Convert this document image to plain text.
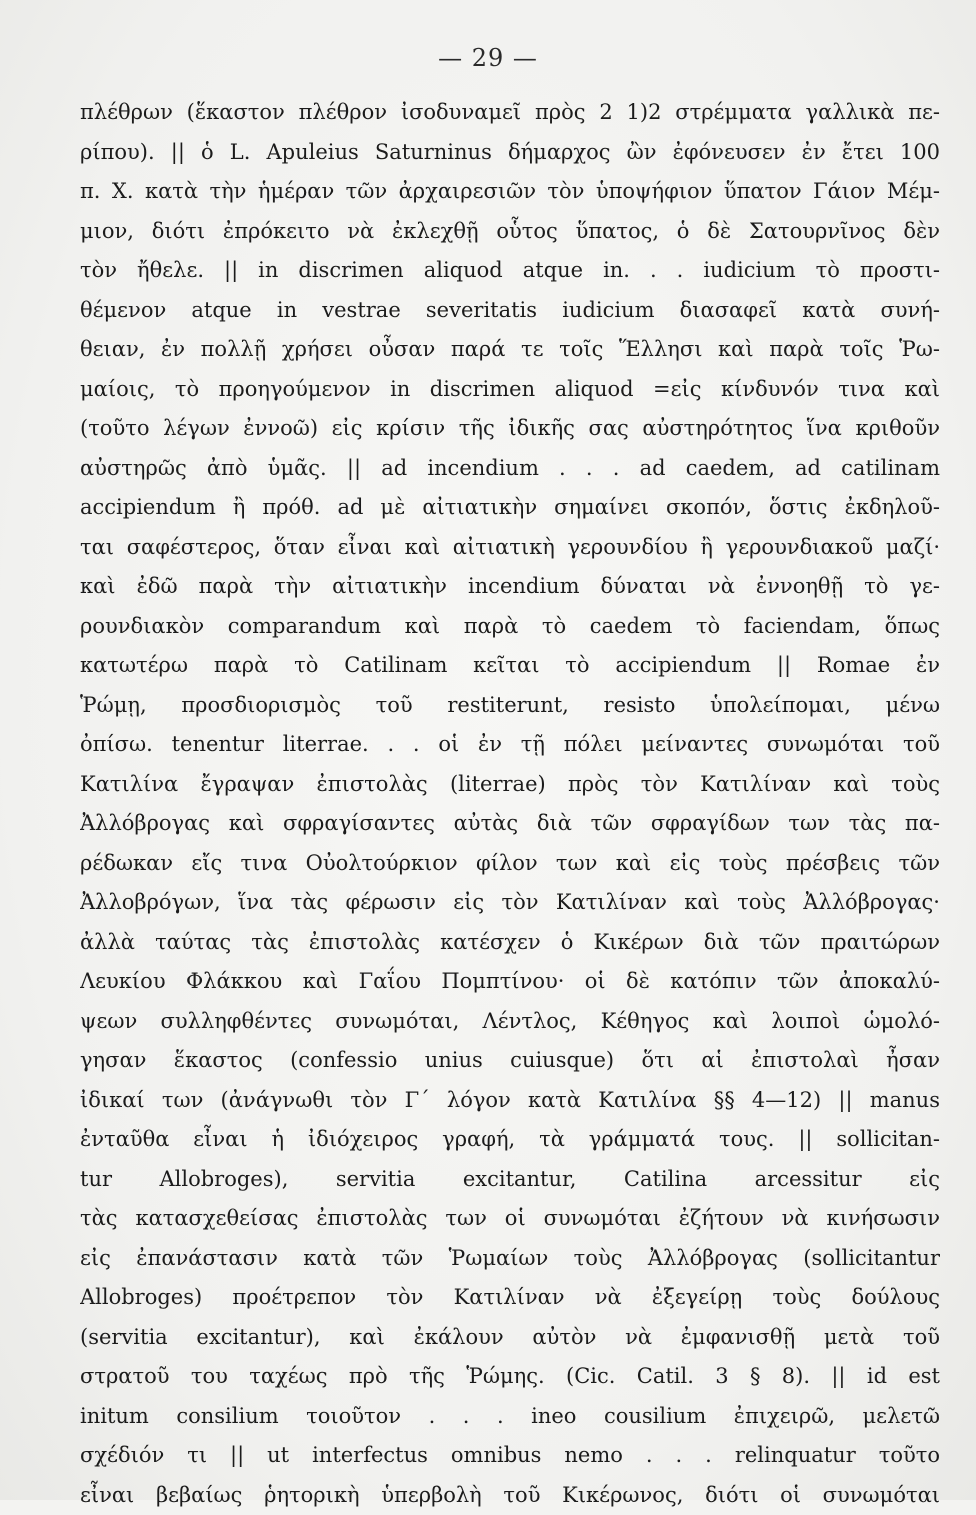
— 29 —
πλέθρων (ἕκαστον πλέθρον ἰσοδυναμεῖ πρὸς 2 1)2 στρέμματα γαλλικὰ πε-
ρίπου). || ὁ L. Apuleius Saturninus δήμαρχος ὢν ἐφόνευσεν ἐν ἔτει 100
π. Χ. κατὰ τὴν ἡμέραν τῶν ἀρχαιρεσιῶν τὸν ὑποψήφιον ὕπατον Γάιον Μέμ-
μιον, διότι ἐπρόκειτο νὰ ἐκλεχθῇ οὗτος ὕπατος, ὁ δὲ Σατουρνῖνος δὲν
τὸν ἤθελε. || in discrimen aliquod atque in. . . iudicium τὸ προστι-
θέμενον atque in vestrae severitatis iudicium διασαφεῖ κατὰ συνή-
θειαν, ἐν πολλῇ χρήσει οὖσαν παρά τε τοῖς Ἕλλησι καὶ παρὰ τοῖς Ῥω-
μαίοις, τὸ προηγούμενον in discrimen aliquod =εἰς κίνδυνόν τινα καὶ
(τοῦτο λέγων ἐννοῶ) εἰς κρίσιν τῆς ἰδικῆς σας αὐστηρότητος ἵνα κριθοῦν
αὐστηρῶς ἀπὸ ὑμᾶς. || ad incendium . . . ad caedem, ad catilinam
accipiendum ἢ πρόθ. ad μὲ αἰτιατικὴν σημαίνει σκοπόν, ὅστις ἐκδηλοῦ-
ται σαφέστερος, ὅταν εἶναι καὶ αἰτιατικὴ γερουνδίου ἢ γερουνδιακοῦ μαζί·
καὶ ἐδῶ παρὰ τὴν αἰτιατικὴν incendium δύναται νὰ ἐννοηθῇ τὸ γε-
ρουνδιακὸν comparandum καὶ παρὰ τὸ caedem τὸ faciendam, ὅπως
κατωτέρω παρὰ τὸ Catilinam κεῖται τὸ accipiendum || Romae ἐν
Ῥώμῃ, προσδιορισμὸς τοῦ restiterunt, resisto ὑπολείπομαι, μένω
ὀπίσω. tenentur literrae. . . οἱ ἐν τῇ πόλει μείναντες συνωμόται τοῦ
Κατιλίνα ἔγραψαν ἐπιστολὰς (literrae) πρὸς τὸν Κατιλίναν καὶ τοὺς
Ἀλλόβρογας καὶ σφραγίσαντες αὐτὰς διὰ τῶν σφραγίδων των τὰς πα-
ρέδωκαν εἴς τινα Οὐολτούρκιον φίλον των καὶ εἰς τοὺς πρέσβεις τῶν
Ἀλλοβρόγων, ἵνα τὰς φέρωσιν εἰς τὸν Κατιλίναν καὶ τοὺς Ἀλλόβρογας·
ἀλλὰ ταύτας τὰς ἐπιστολὰς κατέσχεν ὁ Κικέρων διὰ τῶν πραιτώρων
Λευκίου Φλάκκου καὶ Γαΐου Πομπτίνου· οἱ δὲ κατόπιν τῶν ἀποκαλύ-
ψεων συλληφθέντες συνωμόται, Λέντλος, Κέθηγος καὶ λοιποὶ ὡμολό-
γησαν ἕκαστος (confessio unius cuiusque) ὅτι αἱ ἐπιστολαὶ ἦσαν
ἰδικαί των (ἀνάγνωθι τὸν Γ΄ λόγον κατὰ Κατιλίνα §§ 4—12) || manus
ἐνταῦθα εἶναι ἡ ἰδιόχειρος γραφή, τὰ γράμματά τους. || sollicitan-
tur Allobroges), servitia excitantur, Catilina arcessitur εἰς
τὰς κατασχεθείσας ἐπιστολὰς των οἱ συνωμόται ἐζήτουν νὰ κινήσωσιν
εἰς ἐπανάστασιν κατὰ τῶν Ῥωμαίων τοὺς Ἀλλόβρογας (sollicitantur
Allobroges) προέτρεπον τὸν Κατιλίναν νὰ ἐξεγείρῃ τοὺς δούλους
(servitia excitantur), καὶ ἐκάλουν αὐτὸν νὰ ἐμφανισθῇ μετὰ τοῦ
στρατοῦ του ταχέως πρὸ τῆς Ῥώμης. (Cic. Catil. 3 § 8). || id est
initum consilium τοιοῦτον . . . ineo cousilium ἐπιχειρῶ, μελετῶ
σχέδιόν τι || ut interfectus omnibus nemo . . . relinquatur τοῦτο
εἶναι βεβαίως ῥητορικὴ ὑπερβολὴ τοῦ Κικέρωνος, διότι οἱ συνωμόται
